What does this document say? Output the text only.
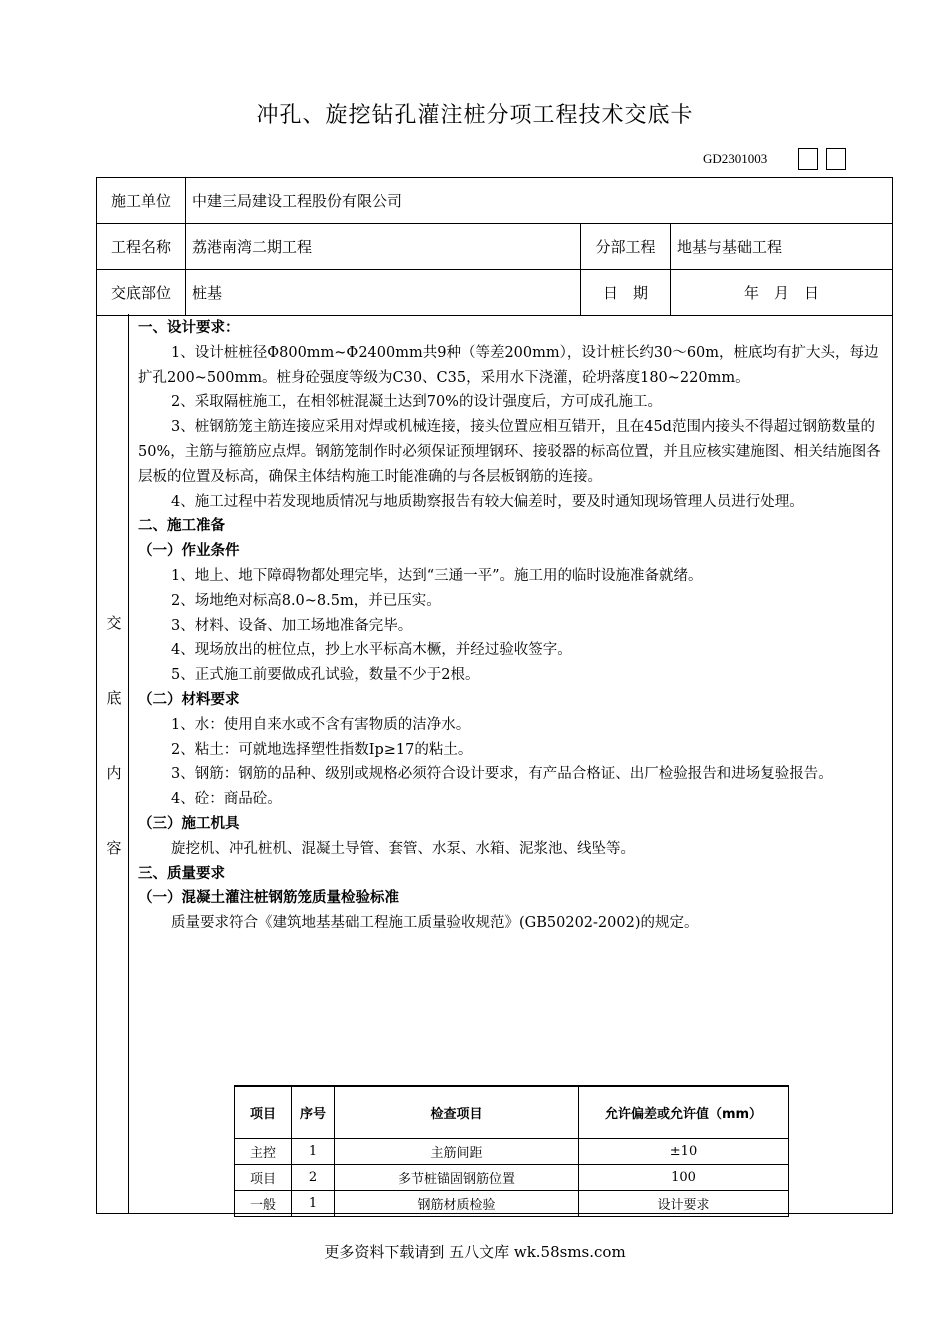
冲孔、旋挖钻孔灌注桩分项工程技术交底卡
GD2301003
施工单位	中建三局建设工程股份有限公司		
工程名称	荔港南湾二期工程	分部工程	地基与基础工程
交底部位	桩基	日　期	年　月　日
交
底
内
容

一、设计要求：

1、设计桩桩径Φ800mm~Φ2400mm共9种（等差200mm），设计桩长约30～60m，桩底均有扩大头，每边扩孔200~500mm。桩身砼强度等级为C30、C35，采用水下浇灌，砼坍落度180~220mm。

2、采取隔桩施工，在相邻桩混凝土达到70%的设计强度后，方可成孔施工。

3、桩钢筋笼主筋连接应采用对焊或机械连接，接头位置应相互错开，且在45d范围内接头不得超过钢筋数量的50%，主筋与箍筋应点焊。钢筋笼制作时必须保证预埋钢环、接驳器的标高位置，并且应核实建施图、相关结施图各层板的位置及标高，确保主体结构施工时能准确的与各层板钢筋的连接。

4、施工过程中若发现地质情况与地质勘察报告有较大偏差时，要及时通知现场管理人员进行处理。

二、施工准备

（一）作业条件

1、地上、地下障碍物都处理完毕，达到“三通一平”。施工用的临时设施准备就绪。

2、场地绝对标高8.0~8.5m，并已压实。

3、材料、设备、加工场地准备完毕。

4、现场放出的桩位点，抄上水平标高木橛，并经过验收签字。

5、正式施工前要做成孔试验，数量不少于2根。

（二）材料要求

1、水：使用自来水或不含有害物质的洁净水。

2、粘土：可就地选择塑性指数Ip≥17的粘土。

3、钢筋：钢筋的品种、级别或规格必须符合设计要求，有产品合格证、出厂检验报告和进场复验报告。

4、砼：商品砼。

（三）施工机具

旋挖机、冲孔桩机、混凝土导管、套管、水泵、水箱、泥浆池、线坠等。

三、质量要求

（一）混凝土灌注桩钢筋笼质量检验标准

质量要求符合《建筑地基基础工程施工质量验收规范》(GB50202-2002)的规定。

项目	序号	检查项目	允许偏差或允许值（mm）
主控	1	主筋间距	±10
项目	2	多节桩锚固钢筋位置	100
一般	1	钢筋材质检验	设计要求
更多资料下载请到 五八文库 wk.58sms.com
